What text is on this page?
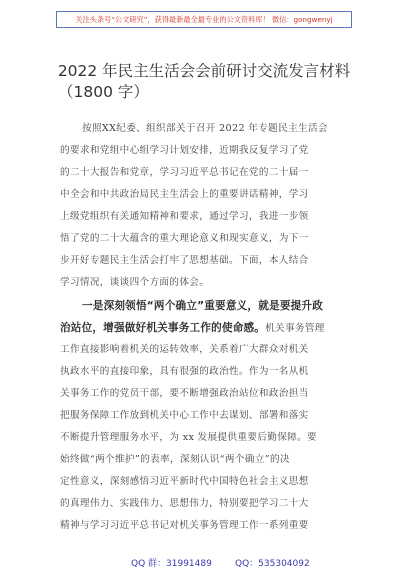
关注头条号“公文研究”，获得最新最全最专业的公文资料库！ 微信：gongwenyj
2022 年民主生活会会前研讨交流发言材料
（1800 字）
按照XX纪委、组织部关于召开 2022 年专题民主生活会
的要求和党组中心组学习计划安排，近期我反复学习了党
的二十大报告和党章，学习习近平总书记在党的二十届一
中全会和中共政治局民主生活会上的重要讲话精神，学习
上级党组织有关通知精神和要求，通过学习，我进一步领
悟了党的二十大蕴含的重大理论意义和现实意义，为下一
步开好专题民主生活会打牢了思想基础。下面，本人结合
学习情况，谈谈四个方面的体会。
一是深刻领悟“两个确立”重要意义，就是要提升政
治站位，增强做好机关事务工作的使命感。机关事务管理
工作直接影响着机关的运转效率，关系着广大群众对机关
执政水平的直接印象，具有很强的政治性。作为一名从机
关事务工作的党员干部，要不断增强政治站位和政治担当
把服务保障工作放到机关中心工作中去谋划、部署和落实
不断提升管理服务水平，为 xx 发展提供重要后勤保障。要
始终做“两个维护”的表率，深刻认识“两个确立”的决
定性意义，深刻感悟习近平新时代中国特色社会主义思想
的真理伟力、实践伟力、思想伟力，特别要把学习二十大
精神与学习习近平总书记对机关事务管理工作一系列重要
QQ 群：31991489	QQ：535304092
